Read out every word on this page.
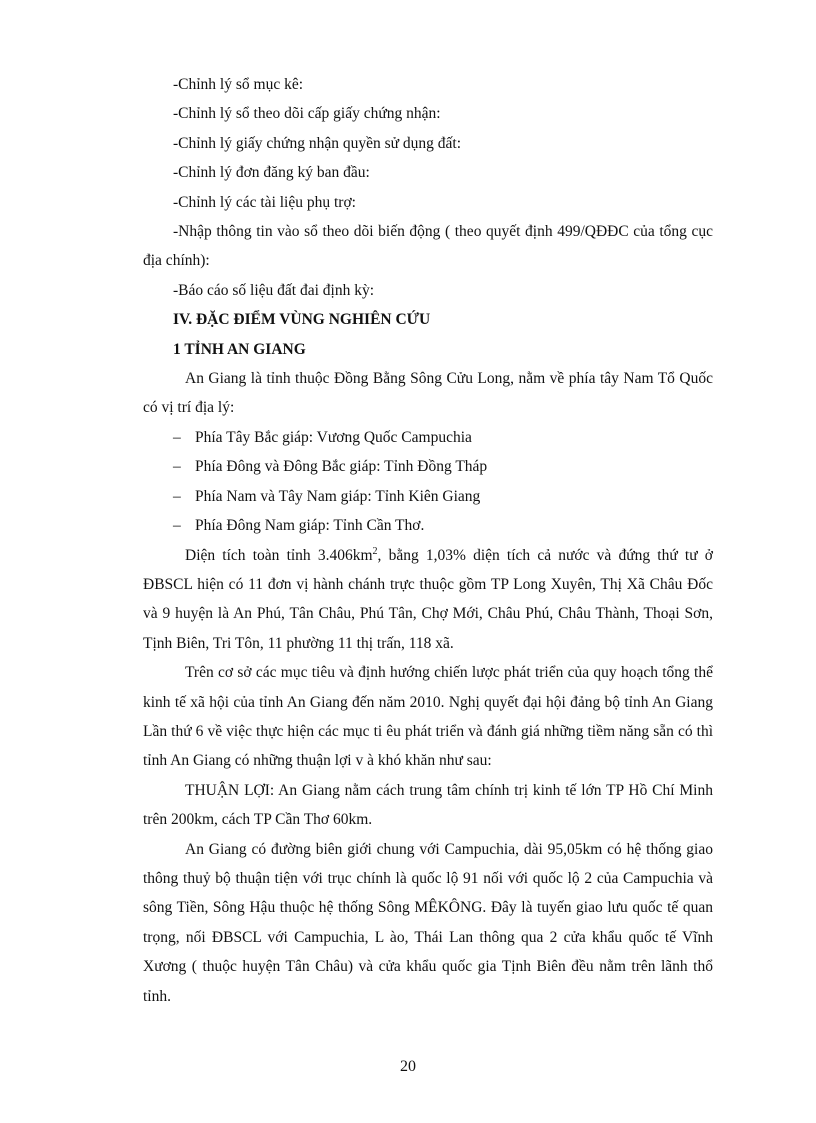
-Chỉnh lý sổ mục kê:

-Chỉnh lý sổ theo dõi cấp giấy chứng nhận:

-Chỉnh lý giấy chứng nhận quyền sử dụng đất:

-Chỉnh lý đơn đăng ký ban đầu:

-Chỉnh lý các tài liệu phụ trợ:

-Nhập thông tin vào sổ theo dõi biến động ( theo quyết định 499/QĐĐC của tổng cục địa chính):

-Báo cáo số liệu đất đai định kỳ:

IV. ĐẶC ĐIỂM VÙNG NGHIÊN CỨU

1 TỈNH AN GIANG

An Giang là tỉnh thuộc Đồng Bằng Sông Cửu Long, nằm về phía tây Nam Tổ Quốc có vị trí địa lý:

– Phía Tây Bắc giáp: Vương Quốc Campuchia

– Phía Đông và Đông Bắc giáp: Tỉnh Đồng Tháp

– Phía Nam và Tây Nam giáp: Tỉnh Kiên Giang

– Phía Đông Nam giáp: Tỉnh Cần Thơ.

Diện tích toàn tỉnh $3.406km^2$, bằng 1,03% diện tích cả nước và đứng thứ tư ở ĐBSCL hiện có 11 đơn vị hành chánh trực thuộc gồm TP Long Xuyên, Thị Xã Châu Đốc và 9 huyện là An Phú, Tân Châu, Phú Tân, Chợ Mới, Châu Phú, Châu Thành, Thoại Sơn, Tịnh Biên, Tri Tôn, 11 phường 11 thị trấn, 118 xã.

Trên cơ sở các mục tiêu và định hướng chiến lược phát triển của quy hoạch tổng thể kinh tế xã hội của tỉnh An Giang đến năm 2010. Nghị quyết đại hội đảng bộ tỉnh An Giang Lần thứ 6 về việc thực hiện các mục ti êu phát triển và đánh giá những tiềm năng sẵn có thì tỉnh An Giang có những thuận lợi v à khó khăn như sau:

THUẬN LỢI: An Giang nằm cách trung tâm chính trị kinh tế lớn TP Hồ Chí Minh trên 200km, cách TP Cần Thơ 60km.

An Giang có đường biên giới chung với Campuchia, dài 95,05km có hệ thống giao thông thuỷ bộ thuận tiện với trục chính là quốc lộ 91 nối với quốc lộ 2 của Campuchia và sông Tiền, Sông Hậu thuộc hệ thống Sông MÊKÔNG. Đây là tuyến giao lưu quốc tế quan trọng, nối ĐBSCL với Campuchia, L ào, Thái Lan thông qua 2 cửa khẩu quốc tế Vĩnh Xương ( thuộc huyện Tân Châu) và cửa khẩu quốc gia Tịnh Biên đều nằm trên lãnh thổ tỉnh.

20
